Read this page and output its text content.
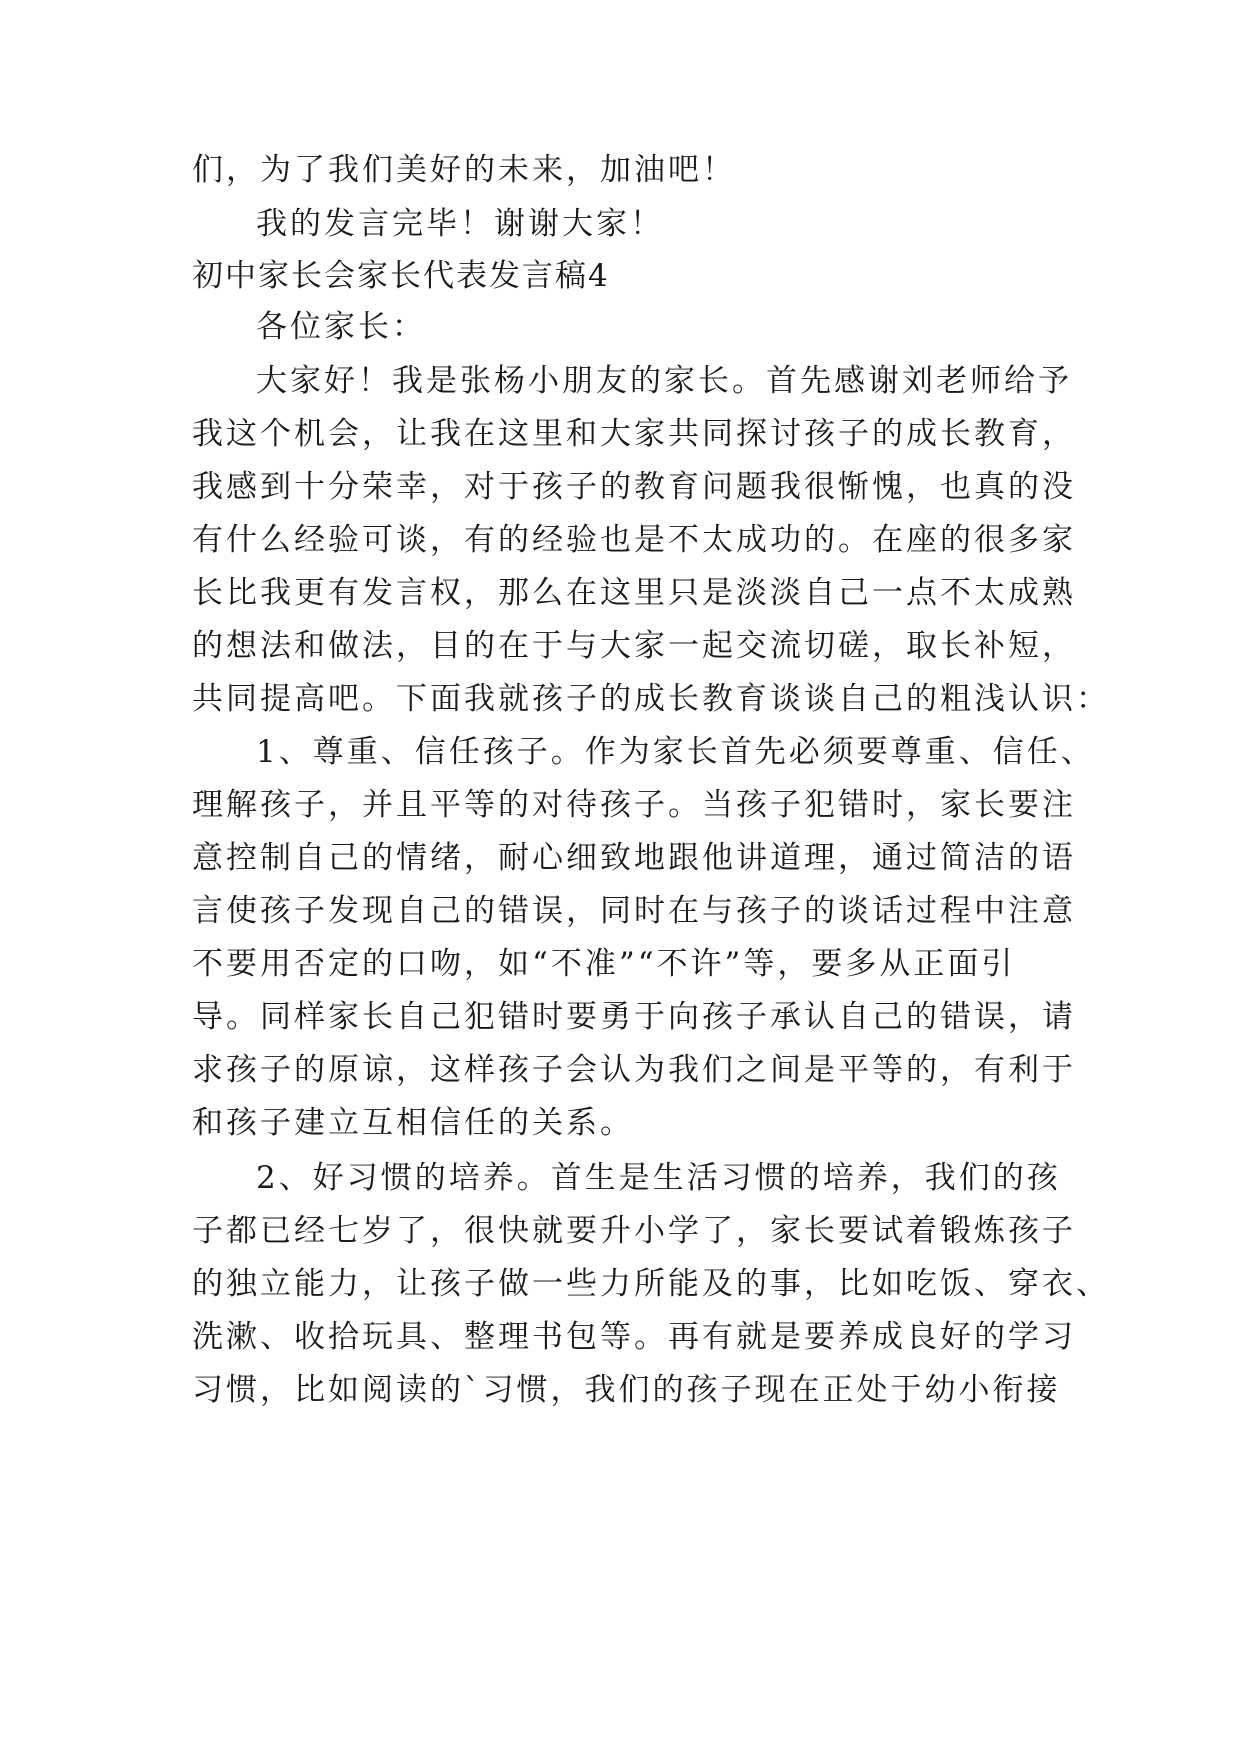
们，为了我们美好的未来，加油吧！
我的发言完毕！谢谢大家！
初中家长会家长代表发言稿4
各位家长：
大家好！我是张杨小朋友的家长。首先感谢刘老师给予
我这个机会，让我在这里和大家共同探讨孩子的成长教育，
我感到十分荣幸，对于孩子的教育问题我很惭愧，也真的没
有什么经验可谈，有的经验也是不太成功的。在座的很多家
长比我更有发言权，那么在这里只是淡淡自己一点不太成熟
的想法和做法，目的在于与大家一起交流切磋，取长补短，
共同提高吧。下面我就孩子的成长教育谈谈自己的粗浅认识：
1、尊重、信任孩子。作为家长首先必须要尊重、信任、
理解孩子，并且平等的对待孩子。当孩子犯错时，家长要注
意控制自己的情绪，耐心细致地跟他讲道理，通过简洁的语
言使孩子发现自己的错误，同时在与孩子的谈话过程中注意
不要用否定的口吻，如“不准”“不许”等，要多从正面引
导。同样家长自己犯错时要勇于向孩子承认自己的错误，请
求孩子的原谅，这样孩子会认为我们之间是平等的，有利于
和孩子建立互相信任的关系。
2、好习惯的培养。首生是生活习惯的培养，我们的孩
子都已经七岁了，很快就要升小学了，家长要试着锻炼孩子
的独立能力，让孩子做一些力所能及的事，比如吃饭、穿衣、
洗漱、收拾玩具、整理书包等。再有就是要养成良好的学习
习惯，比如阅读的`习惯，我们的孩子现在正处于幼小衔接
